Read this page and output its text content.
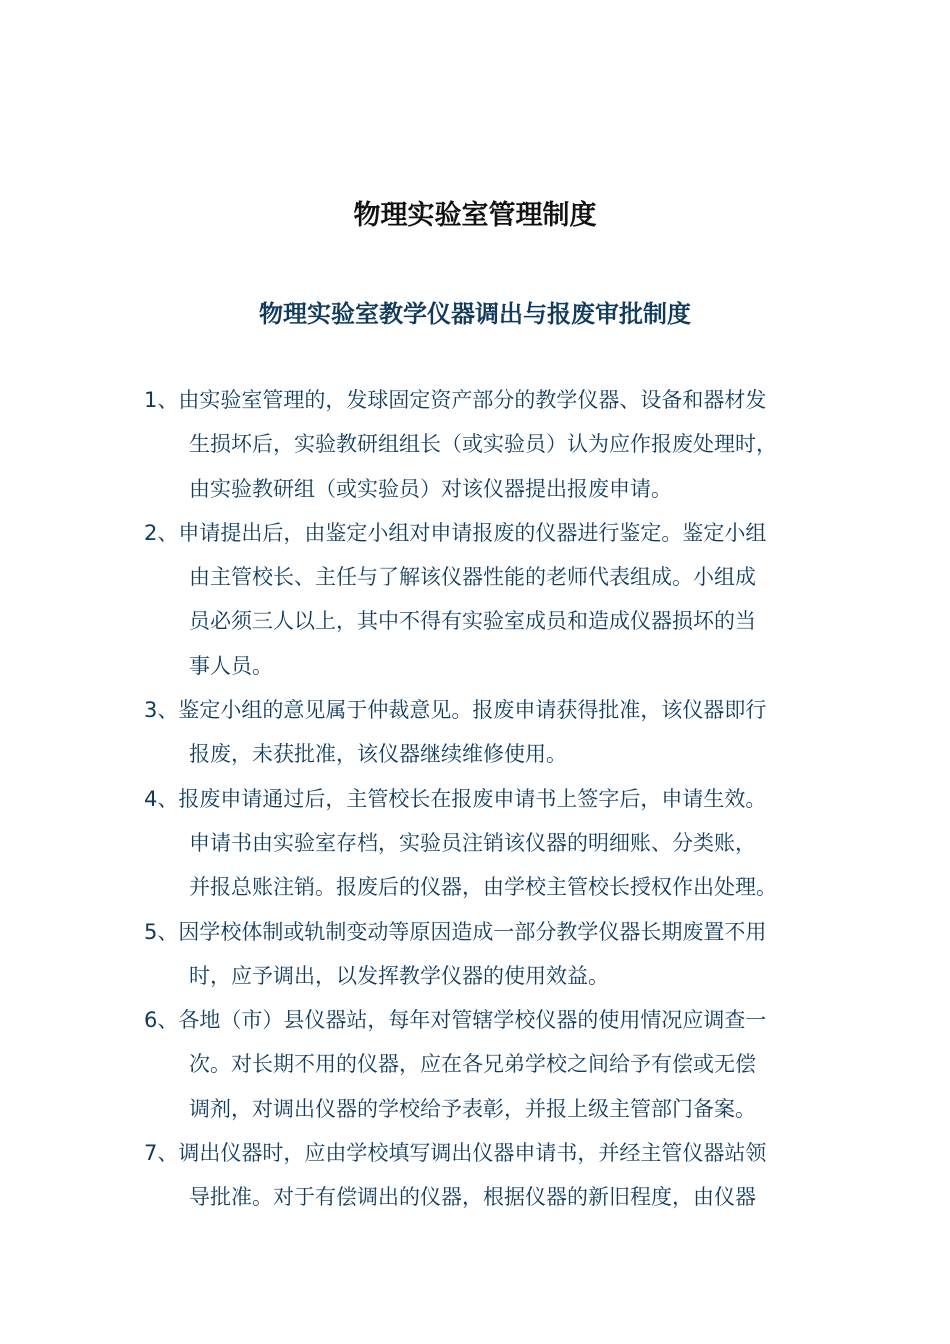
物理实验室管理制度
物理实验室教学仪器调出与报废审批制度
1、由实验室管理的，发球固定资产部分的教学仪器、设备和器材发
生损坏后，实验教研组组长（或实验员）认为应作报废处理时，
由实验教研组（或实验员）对该仪器提出报废申请。
2、申请提出后，由鉴定小组对申请报废的仪器进行鉴定。鉴定小组
由主管校长、主任与了解该仪器性能的老师代表组成。小组成
员必须三人以上，其中不得有实验室成员和造成仪器损坏的当
事人员。
3、鉴定小组的意见属于仲裁意见。报废申请获得批准，该仪器即行
报废，未获批准，该仪器继续维修使用。
4、报废申请通过后，主管校长在报废申请书上签字后，申请生效。
申请书由实验室存档，实验员注销该仪器的明细账、分类账，
并报总账注销。报废后的仪器，由学校主管校长授权作出处理。
5、因学校体制或轨制变动等原因造成一部分教学仪器长期废置不用
时，应予调出，以发挥教学仪器的使用效益。
6、各地（市）县仪器站，每年对管辖学校仪器的使用情况应调查一
次。对长期不用的仪器，应在各兄弟学校之间给予有偿或无偿
调剂，对调出仪器的学校给予表彰，并报上级主管部门备案。
7、调出仪器时，应由学校填写调出仪器申请书，并经主管仪器站领
导批准。对于有偿调出的仪器，根据仪器的新旧程度，由仪器
